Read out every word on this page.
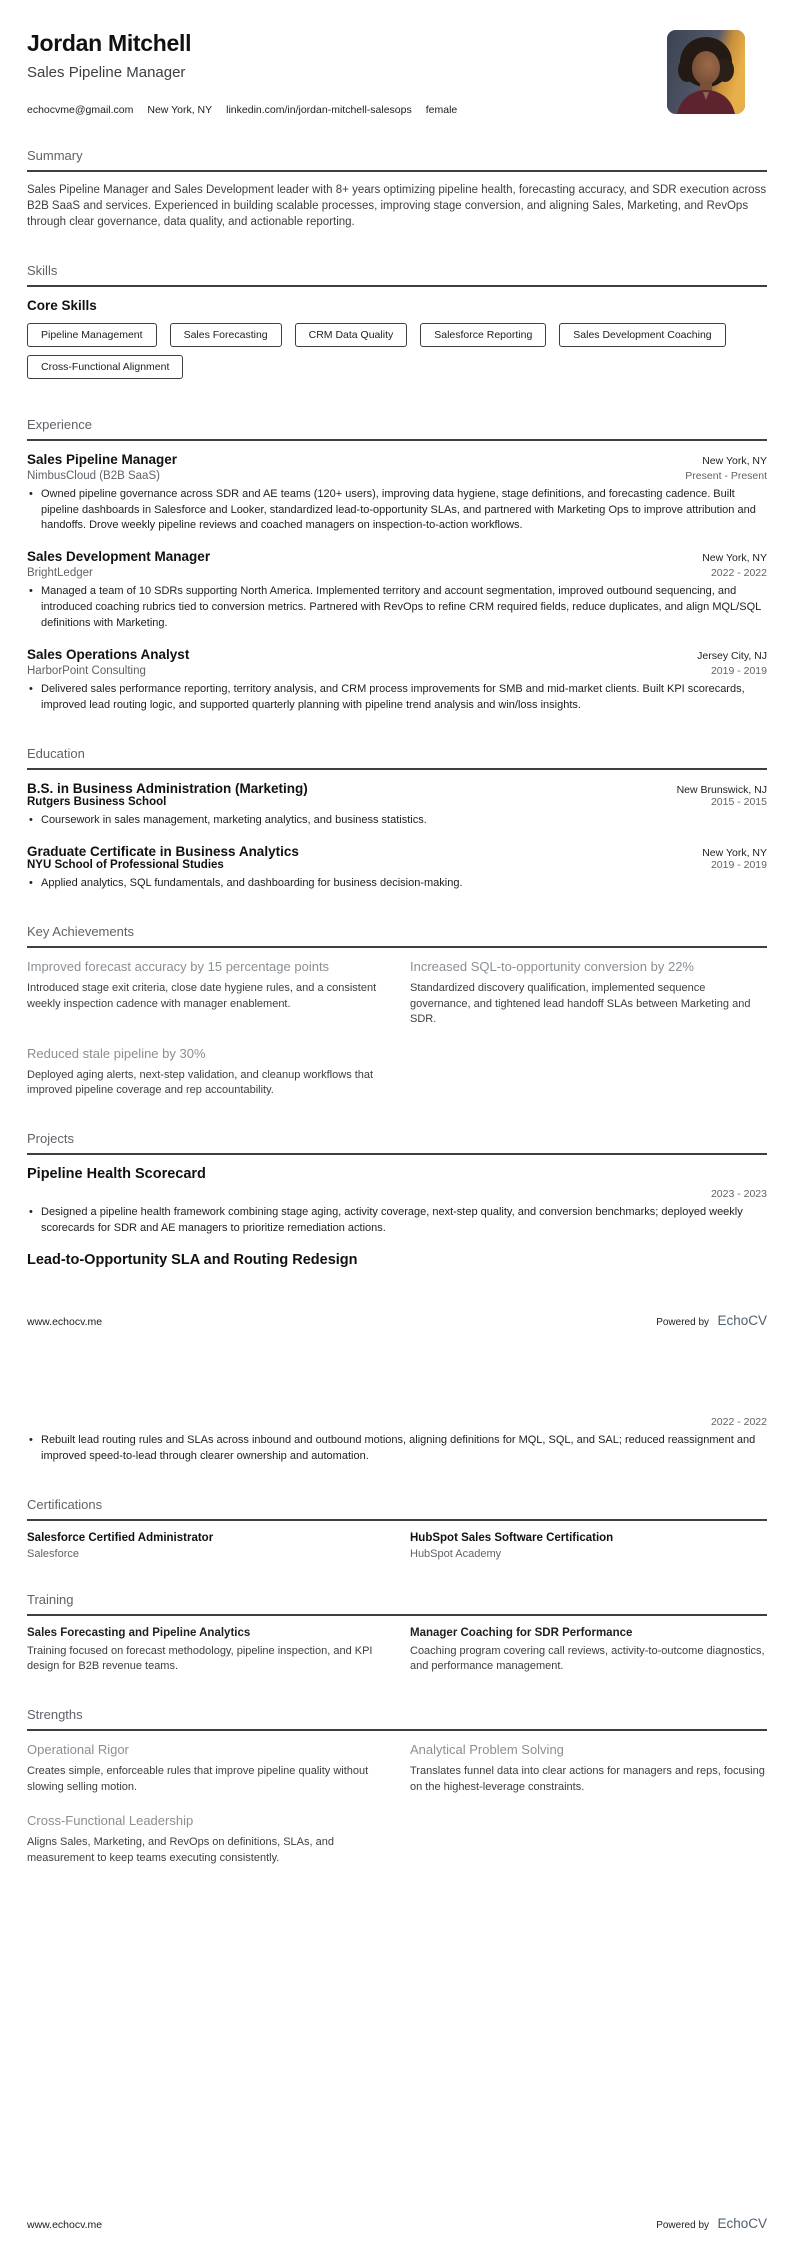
Jordan Mitchell
Sales Pipeline Manager
echocvme@gmail.com New York, NY linkedin.com/in/jordan-mitchell-salesops female
Summary
Sales Pipeline Manager and Sales Development leader with 8+ years optimizing pipeline health, forecasting accuracy, and SDR execution across B2B SaaS and services. Experienced in building scalable processes, improving stage conversion, and aligning Sales, Marketing, and RevOps through clear governance, data quality, and actionable reporting.
Skills
Core Skills
Pipeline Management	Sales Forecasting	CRM Data Quality	Salesforce Reporting	Sales Development Coaching
Cross-Functional Alignment
Experience
Sales Pipeline Manager	New York, NY
NimbusCloud (B2B SaaS)	Present - Present
• Owned pipeline governance across SDR and AE teams (120+ users), improving data hygiene, stage definitions, and forecasting cadence. Built pipeline dashboards in Salesforce and Looker, standardized lead-to-opportunity SLAs, and partnered with Marketing Ops to improve attribution and handoffs. Drove weekly pipeline reviews and coached managers on inspection-to-action workflows.
Sales Development Manager	New York, NY
BrightLedger	2022 - 2022
• Managed a team of 10 SDRs supporting North America. Implemented territory and account segmentation, improved outbound sequencing, and introduced coaching rubrics tied to conversion metrics. Partnered with RevOps to refine CRM required fields, reduce duplicates, and align MQL/SQL definitions with Marketing.
Sales Operations Analyst	Jersey City, NJ
HarborPoint Consulting	2019 - 2019
• Delivered sales performance reporting, territory analysis, and CRM process improvements for SMB and mid-market clients. Built KPI scorecards, improved lead routing logic, and supported quarterly planning with pipeline trend analysis and win/loss insights.
Education
B.S. in Business Administration (Marketing)	New Brunswick, NJ
Rutgers Business School	2015 - 2015
• Coursework in sales management, marketing analytics, and business statistics.
Graduate Certificate in Business Analytics	New York, NY
NYU School of Professional Studies	2019 - 2019
• Applied analytics, SQL fundamentals, and dashboarding for business decision-making.
Key Achievements
Improved forecast accuracy by 15 percentage points
Introduced stage exit criteria, close date hygiene rules, and a consistent weekly inspection cadence with manager enablement.
Increased SQL-to-opportunity conversion by 22%
Standardized discovery qualification, implemented sequence governance, and tightened lead handoff SLAs between Marketing and SDR.
Reduced stale pipeline by 30%
Deployed aging alerts, next-step validation, and cleanup workflows that improved pipeline coverage and rep accountability.
Projects
Pipeline Health Scorecard
2023 - 2023
• Designed a pipeline health framework combining stage aging, activity coverage, next-step quality, and conversion benchmarks; deployed weekly scorecards for SDR and AE managers to prioritize remediation actions.
Lead-to-Opportunity SLA and Routing Redesign
www.echocv.me	Powered by EchoCV
2022 - 2022
• Rebuilt lead routing rules and SLAs across inbound and outbound motions, aligning definitions for MQL, SQL, and SAL; reduced reassignment and improved speed-to-lead through clearer ownership and automation.
Certifications
Salesforce Certified Administrator
Salesforce
HubSpot Sales Software Certification
HubSpot Academy
Training
Sales Forecasting and Pipeline Analytics
Training focused on forecast methodology, pipeline inspection, and KPI design for B2B revenue teams.
Manager Coaching for SDR Performance
Coaching program covering call reviews, activity-to-outcome diagnostics, and performance management.
Strengths
Operational Rigor
Creates simple, enforceable rules that improve pipeline quality without slowing selling motion.
Analytical Problem Solving
Translates funnel data into clear actions for managers and reps, focusing on the highest-leverage constraints.
Cross-Functional Leadership
Aligns Sales, Marketing, and RevOps on definitions, SLAs, and measurement to keep teams executing consistently.
www.echocv.me	Powered by EchoCV
